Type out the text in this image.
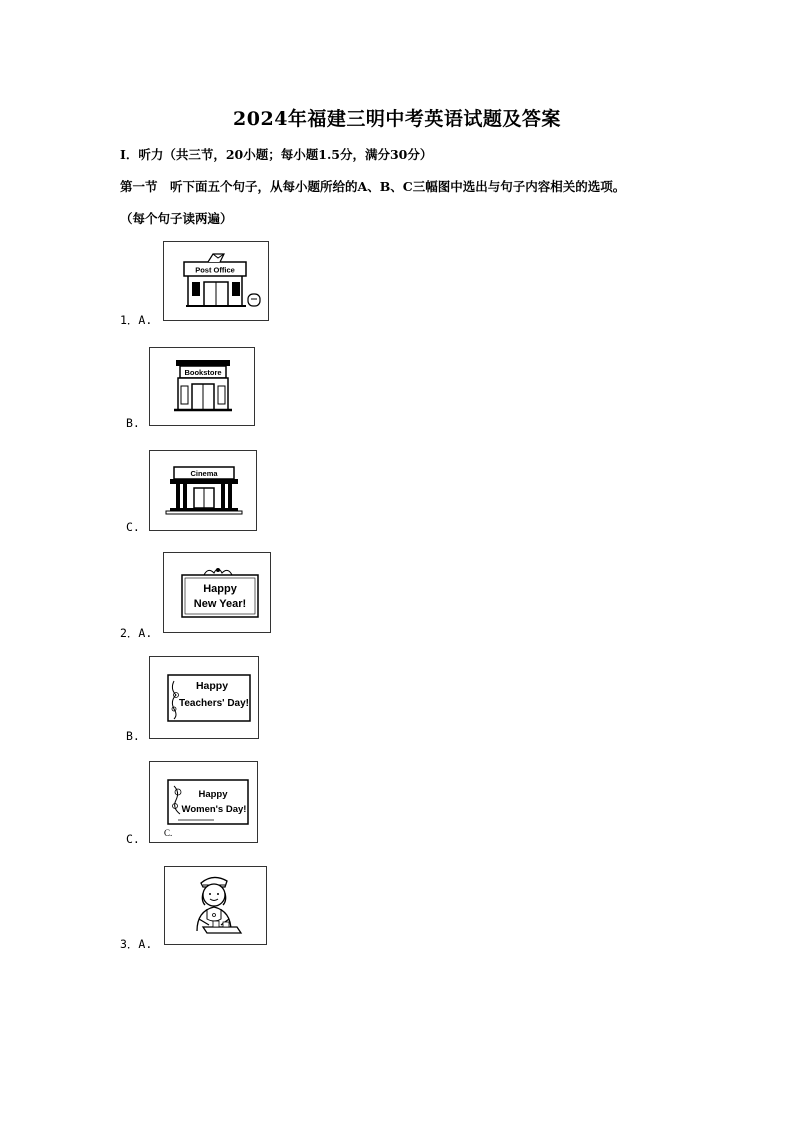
2024年福建三明中考英语试题及答案
Ⅰ．听力（共三节，20小题；每小题1.5分，满分30分）
第一节　听下面五个句子，从每小题所给的A、B、C三幅图中选出与句子内容相关的选项。
（每个句子读两遍）
1．A.
Post Office
B.
Bookstore
C.
Cinema
2．A.
Happy
New Year!
B.
Happy
Teachers' Day!
C.
Happy
Women's Day!
C.
3．A.
